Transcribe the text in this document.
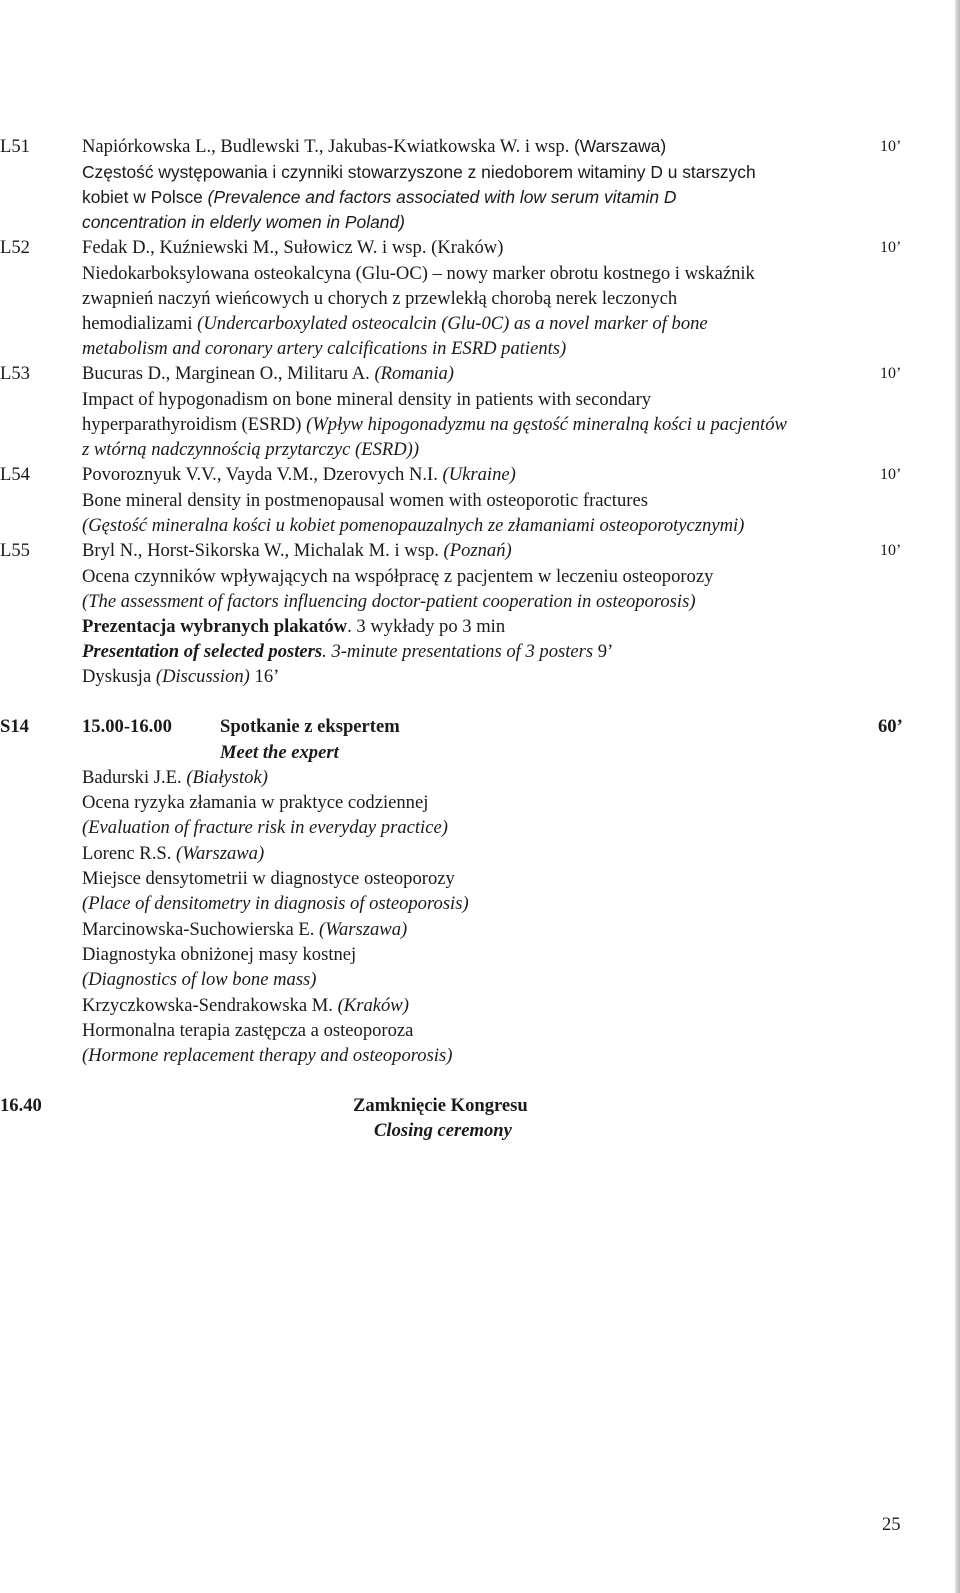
L51	Napiórkowska L., Budlewski T., Jakubas-Kwiatkowska W. i wsp. (Warszawa)	10’
Częstość występowania i czynniki stowarzyszone z niedoborem witaminy D u starszych
kobiet w Polsce (Prevalence and factors associated with low serum vitamin D
concentration in elderly women in Poland)
L52	Fedak D., Kuźniewski M., Sułowicz W. i wsp. (Kraków)	10’
Niedokarboksylowana osteokalcyna (Glu-OC) – nowy marker obrotu kostnego i wskaźnik
zwapnień naczyń wieńcowych u chorych z przewlekłą chorobą nerek leczonych
hemodializami (Undercarboxylated osteocalcin (Glu-0C) as a novel marker of bone
metabolism and coronary artery calcifications in ESRD patients)
L53	Bucuras D., Marginean O., Militaru A. (Romania)	10’
Impact of hypogonadism on bone mineral density in patients with secondary
hyperparathyroidism (ESRD) (Wpływ hipogonadyzmu na gęstość mineralną kości u pacjentów
z wtórną nadczynnością przytarczyc (ESRD))
L54	Povoroznyuk V.V., Vayda V.M., Dzerovych N.I. (Ukraine)	10’
Bone mineral density in postmenopausal women with osteoporotic fractures
(Gęstość mineralna kości u kobiet pomenopauzalnych ze złamaniami osteoporotycznymi)
L55	Bryl N., Horst-Sikorska W., Michalak M. i wsp. (Poznań)	10’
Ocena czynników wpływających na współpracę z pacjentem w leczeniu osteoporozy
(The assessment of factors influencing doctor-patient cooperation in osteoporosis)
Prezentacja wybranych plakatów. 3 wykłady po 3 min
Presentation of selected posters. 3-minute presentations of 3 posters 9’
Dyskusja (Discussion) 16’
S14	15.00-16.00	Spotkanie z ekspertem	60’
Meet the expert
Badurski J.E. (Białystok)
Ocena ryzyka złamania w praktyce codziennej
(Evaluation of fracture risk in everyday practice)
Lorenc R.S. (Warszawa)
Miejsce densytometrii w diagnostyce osteoporozy
(Place of densitometry in diagnosis of osteoporosis)
Marcinowska-Suchowierska E. (Warszawa)
Diagnostyka obniżonej masy kostnej
(Diagnostics of low bone mass)
Krzyczkowska-Sendrakowska M. (Kraków)
Hormonalna terapia zastępcza a osteoporoza
(Hormone replacement therapy and osteoporosis)
16.40	Zamknięcie Kongresu
Closing ceremony
25
